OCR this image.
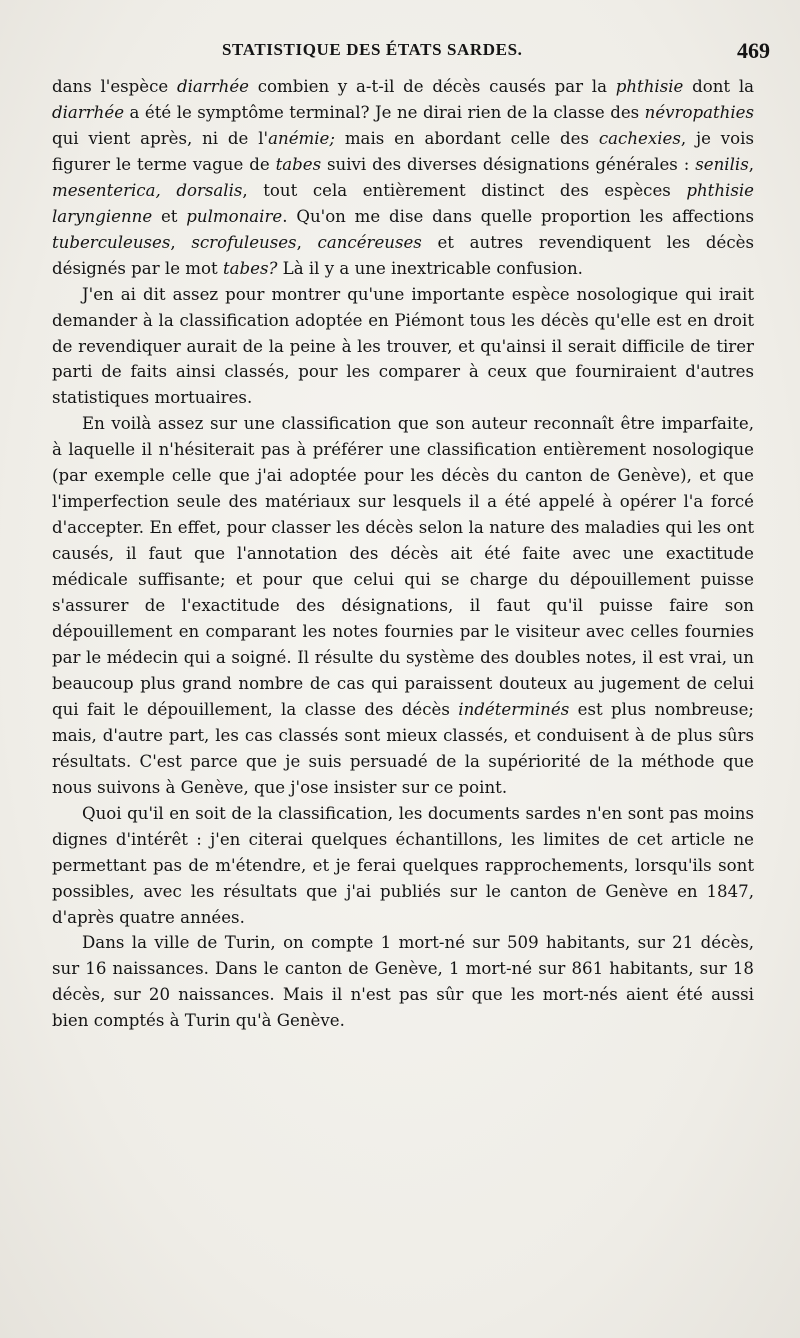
STATISTIQUE DES ÉTATS SARDES.	469

dans l'espèce diarrhée combien y a-t-il de décès causés par la phthisie dont la diarrhée a été le symptôme terminal? Je ne dirai rien de la classe des névropathies qui vient après, ni de l'anémie; mais en abordant celle des cachexies, je vois figurer le terme vague de tabes suivi des diverses désignations générales : senilis, mesenterica, dorsalis, tout cela entièrement distinct des espèces phthisie laryngienne et pulmonaire. Qu'on me dise dans quelle proportion les affections tuberculeuses, scrofuleuses, cancéreuses et autres revendiquent les décès désignés par le mot tabes? Là il y a une inextricable confusion.

J'en ai dit assez pour montrer qu'une importante espèce nosologique qui irait demander à la classification adoptée en Piémont tous les décès qu'elle est en droit de revendiquer aurait de la peine à les trouver, et qu'ainsi il serait difficile de tirer parti de faits ainsi classés, pour les comparer à ceux que fourniraient d'autres statistiques mortuaires.

En voilà assez sur une classification que son auteur reconnaît être imparfaite, à laquelle il n'hésiterait pas à préférer une classification entièrement nosologique (par exemple celle que j'ai adoptée pour les décès du canton de Genève), et que l'imperfection seule des matériaux sur lesquels il a été appelé à opérer l'a forcé d'accepter. En effet, pour classer les décès selon la nature des maladies qui les ont causés, il faut que l'annotation des décès ait été faite avec une exactitude médicale suffisante; et pour que celui qui se charge du dépouillement puisse s'assurer de l'exactitude des désignations, il faut qu'il puisse faire son dépouillement en comparant les notes fournies par le visiteur avec celles fournies par le médecin qui a soigné. Il résulte du système des doubles notes, il est vrai, un beaucoup plus grand nombre de cas qui paraissent douteux au jugement de celui qui fait le dépouillement, la classe des décès indéterminés est plus nombreuse; mais, d'autre part, les cas classés sont mieux classés, et conduisent à de plus sûrs résultats. C'est parce que je suis persuadé de la supériorité de la méthode que nous suivons à Genève, que j'ose insister sur ce point.

Quoi qu'il en soit de la classification, les documents sardes n'en sont pas moins dignes d'intérêt : j'en citerai quelques échantillons, les limites de cet article ne permettant pas de m'étendre, et je ferai quelques rapprochements, lorsqu'ils sont possibles, avec les résultats que j'ai publiés sur le canton de Genève en 1847, d'après quatre années.

Dans la ville de Turin, on compte 1 mort-né sur 509 habitants, sur 21 décès, sur 16 naissances. Dans le canton de Genève, 1 mort-né sur 861 habitants, sur 18 décès, sur 20 naissances. Mais il n'est pas sûr que les mort-nés aient été aussi bien comptés à Turin qu'à Genève.
